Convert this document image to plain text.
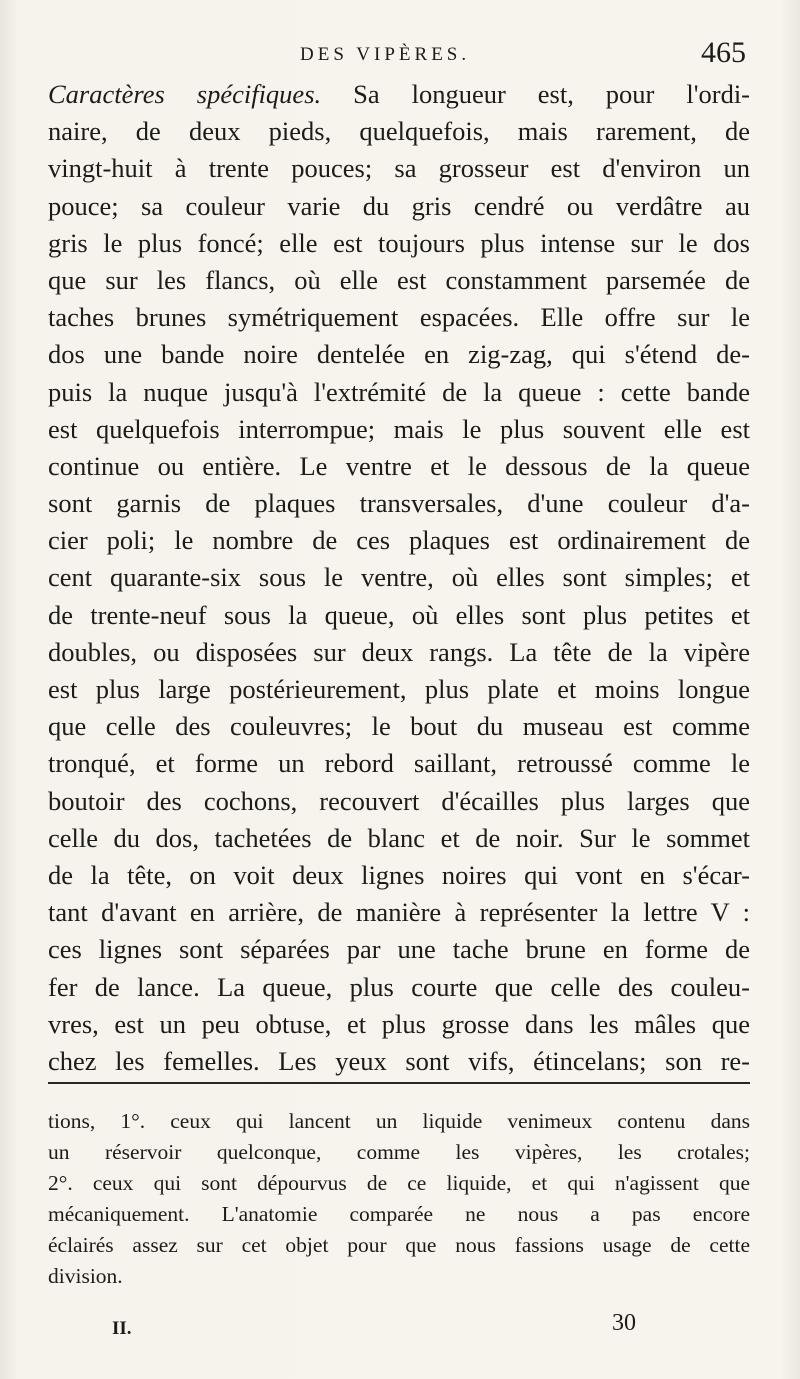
DES VIPÈRES.	465
Caractères spécifiques. Sa longueur est, pour l'ordi-
naire, de deux pieds, quelquefois, mais rarement, de
vingt-huit à trente pouces; sa grosseur est d'environ un
pouce; sa couleur varie du gris cendré ou verdâtre au
gris le plus foncé; elle est toujours plus intense sur le dos
que sur les flancs, où elle est constamment parsemée de
taches brunes symétriquement espacées. Elle offre sur le
dos une bande noire dentelée en zig-zag, qui s'étend de-
puis la nuque jusqu'à l'extrémité de la queue : cette bande
est quelquefois interrompue; mais le plus souvent elle est
continue ou entière. Le ventre et le dessous de la queue
sont garnis de plaques transversales, d'une couleur d'a-
cier poli; le nombre de ces plaques est ordinairement de
cent quarante-six sous le ventre, où elles sont simples; et
de trente-neuf sous la queue, où elles sont plus petites et
doubles, ou disposées sur deux rangs. La tête de la vipère
est plus large postérieurement, plus plate et moins longue
que celle des couleuvres; le bout du museau est comme
tronqué, et forme un rebord saillant, retroussé comme le
boutoir des cochons, recouvert d'écailles plus larges que
celle du dos, tachetées de blanc et de noir. Sur le sommet
de la tête, on voit deux lignes noires qui vont en s'écar-
tant d'avant en arrière, de manière à représenter la lettre V :
ces lignes sont séparées par une tache brune en forme de
fer de lance. La queue, plus courte que celle des couleu-
vres, est un peu obtuse, et plus grosse dans les mâles que
chez les femelles. Les yeux sont vifs, étincelans; son re-
tions, 1°. ceux qui lancent un liquide venimeux contenu dans
un réservoir quelconque, comme les vipères, les crotales;
2°. ceux qui sont dépourvus de ce liquide, et qui n'agissent que
mécaniquement. L'anatomie comparée ne nous a pas encore
éclairés assez sur cet objet pour que nous fassions usage de cette
division.
II.	30
